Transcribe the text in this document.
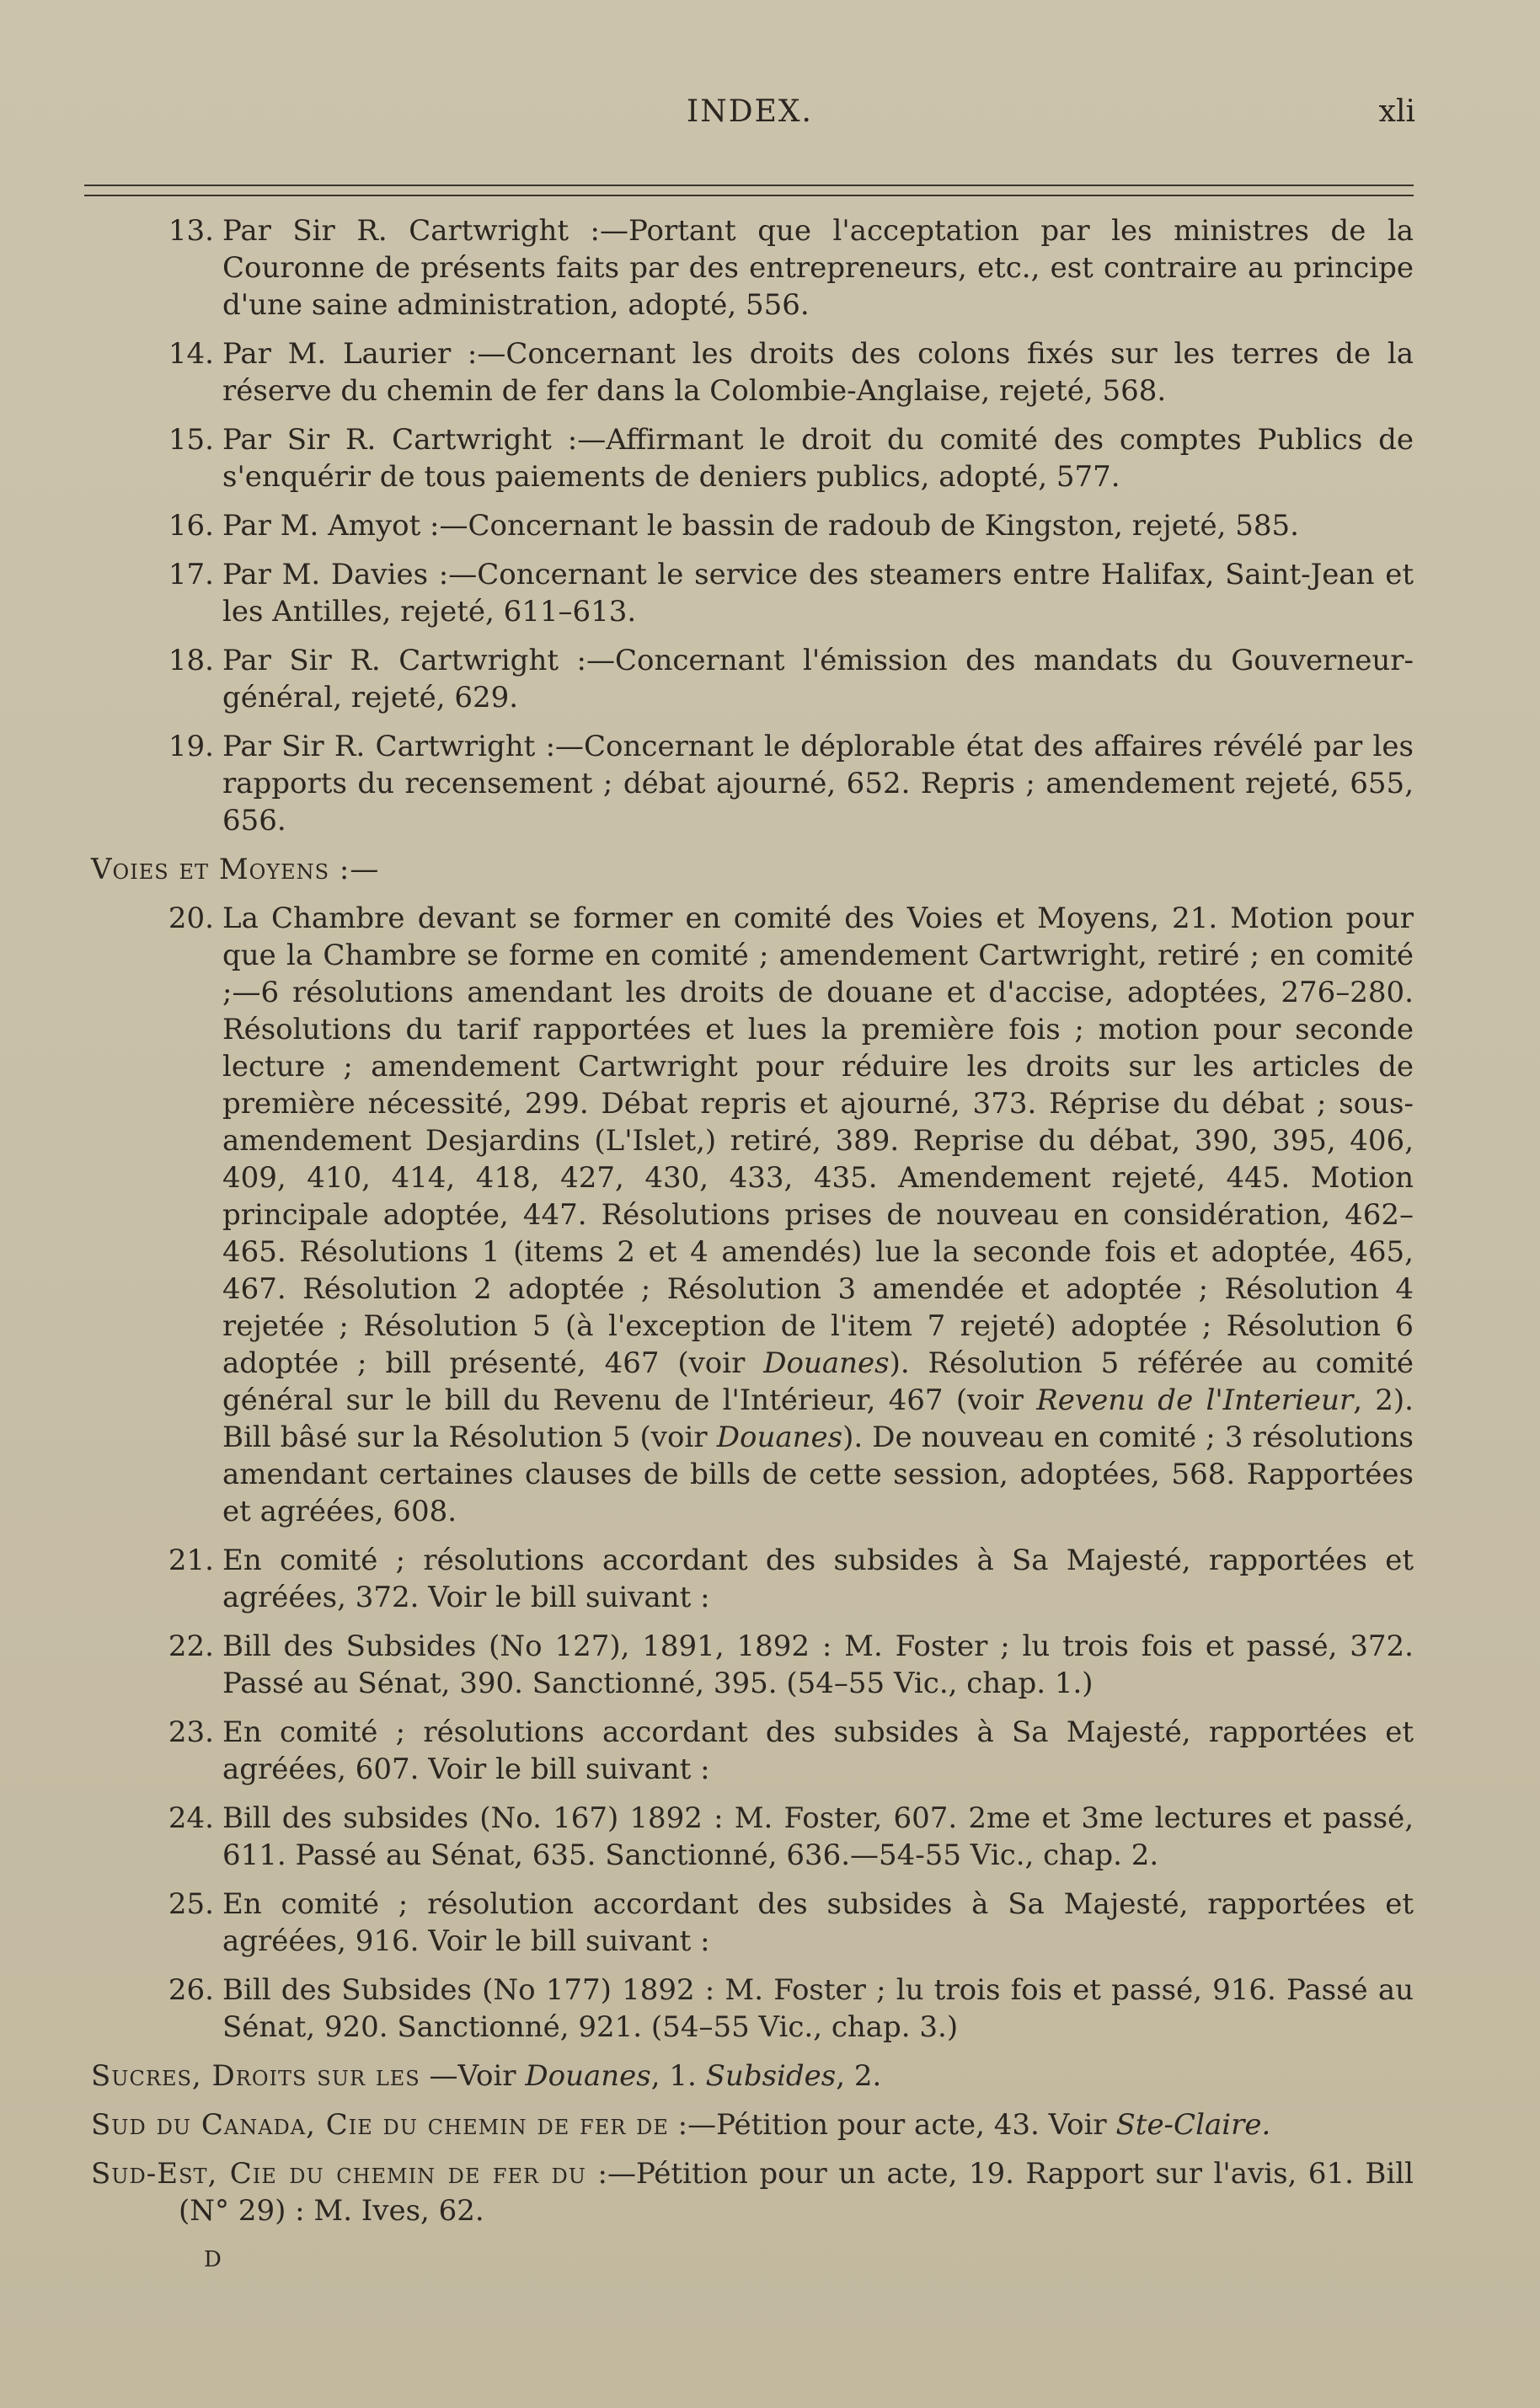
INDEX.	xli
13. Par Sir R. Cartwright :—Portant que l'acceptation par les ministres de la Couronne de présents faits par des entrepreneurs, etc., est contraire au principe d'une saine administration, adopté, 556.
14. Par M. Laurier :—Concernant les droits des colons fixés sur les terres de la réserve du chemin de fer dans la Colombie-Anglaise, rejeté, 568.
15. Par Sir R. Cartwright :—Affirmant le droit du comité des comptes Publics de s'enquérir de tous paiements de deniers publics, adopté, 577.
16. Par M. Amyot :—Concernant le bassin de radoub de Kingston, rejeté, 585.
17. Par M. Davies :—Concernant le service des steamers entre Halifax, Saint-Jean et les Antilles, rejeté, 611–613.
18. Par Sir R. Cartwright :—Concernant l'émission des mandats du Gouverneur-général, rejeté, 629.
19. Par Sir R. Cartwright :—Concernant le déplorable état des affaires révélé par les rapports du recensement ; débat ajourné, 652. Repris ; amendement rejeté, 655, 656.
Voies et Moyens :—
20. La Chambre devant se former en comité des Voies et Moyens, 21. Motion pour que la Chambre se forme en comité ; amendement Cartwright, retiré ; en comité ;—6 résolutions amendant les droits de douane et d'accise, adoptées, 276–280. Résolutions du tarif rapportées et lues la première fois ; motion pour seconde lecture ; amendement Cartwright pour réduire les droits sur les articles de première nécessité, 299. Débat repris et ajourné, 373. Réprise du débat ; sous-amendement Desjardins (L'Islet,) retiré, 389. Reprise du débat, 390, 395, 406, 409, 410, 414, 418, 427, 430, 433, 435. Amendement rejeté, 445. Motion principale adoptée, 447. Résolutions prises de nouveau en considération, 462–465. Résolutions 1 (items 2 et 4 amendés) lue la seconde fois et adoptée, 465, 467. Résolution 2 adoptée ; Résolution 3 amendée et adoptée ; Résolution 4 rejetée ; Résolution 5 (à l'exception de l'item 7 rejeté) adoptée ; Résolution 6 adoptée ; bill présenté, 467 (voir Douanes). Résolution 5 référée au comité général sur le bill du Revenu de l'Intérieur, 467 (voir Revenu de l'Interieur, 2). Bill bâsé sur la Résolution 5 (voir Douanes). De nouveau en comité ; 3 résolutions amendant certaines clauses de bills de cette session, adoptées, 568. Rapportées et agréées, 608.
21. En comité ; résolutions accordant des subsides à Sa Majesté, rapportées et agréées, 372. Voir le bill suivant :
22. Bill des Subsides (No 127), 1891, 1892 : M. Foster ; lu trois fois et passé, 372. Passé au Sénat, 390. Sanctionné, 395. (54–55 Vic., chap. 1.)
23. En comité ; résolutions accordant des subsides à Sa Majesté, rapportées et agréées, 607. Voir le bill suivant :
24. Bill des subsides (No. 167) 1892 : M. Foster, 607. 2me et 3me lectures et passé, 611. Passé au Sénat, 635. Sanctionné, 636.—54-55 Vic., chap. 2.
25. En comité ; résolution accordant des subsides à Sa Majesté, rapportées et agréées, 916. Voir le bill suivant :
26. Bill des Subsides (No 177) 1892 : M. Foster ; lu trois fois et passé, 916. Passé au Sénat, 920. Sanctionné, 921. (54–55 Vic., chap. 3.)
Sucres, Droits sur les —Voir Douanes, 1. Subsides, 2.
Sud du Canada, Cie du chemin de fer de :—Pétition pour acte, 43. Voir Ste-Claire.
Sud-Est, Cie du chemin de fer du :—Pétition pour un acte, 19. Rapport sur l'avis, 61. Bill (N° 29) : M. Ives, 62.
D
